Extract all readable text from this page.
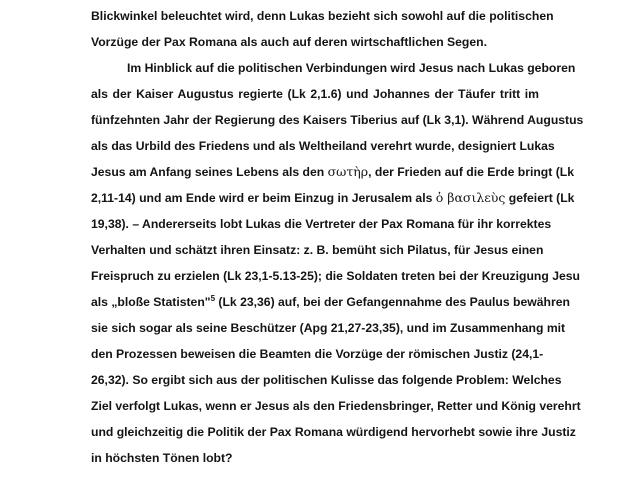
Blickwinkel beleuchtet wird, denn Lukas bezieht sich sowohl auf die politischen
Vorzüge der Pax Romana als auch auf deren wirtschaftlichen Segen.
Im Hinblick auf die politischen Verbindungen wird Jesus nach Lukas geboren
als der Kaiser Augustus regierte (Lk 2,1.6) und Johannes der Täufer tritt im
fünfzehnten Jahr der Regierung des Kaisers Tiberius auf (Lk 3,1). Während Augustus
als das Urbild des Friedens und als Weltheiland verehrt wurde, designiert Lukas
Jesus am Anfang seines Lebens als den σωτὴρ, der Frieden auf die Erde bringt (Lk
2,11-14) und am Ende wird er beim Einzug in Jerusalem als ὁ βασιλεὺς gefeiert (Lk
19,38). – Andererseits lobt Lukas die Vertreter der Pax Romana für ihr korrektes
Verhalten und schätzt ihren Einsatz: z. B. bemüht sich Pilatus, für Jesus einen
Freispruch zu erzielen (Lk 23,1-5.13-25); die Soldaten treten bei der Kreuzigung Jesu
als „bloße Statisten"$^5$ (Lk 23,36) auf, bei der Gefangennahme des Paulus bewähren
sie sich sogar als seine Beschützer (Apg 21,27-23,35), und im Zusammenhang mit
den Prozessen beweisen die Beamten die Vorzüge der römischen Justiz (24,1-
26,32). So ergibt sich aus der politischen Kulisse das folgende Problem: Welches
Ziel verfolgt Lukas, wenn er Jesus als den Friedensbringer, Retter und König verehrt
und gleichzeitig die Politik der Pax Romana würdigend hervorhebt sowie ihre Justiz
in höchsten Tönen lobt?
